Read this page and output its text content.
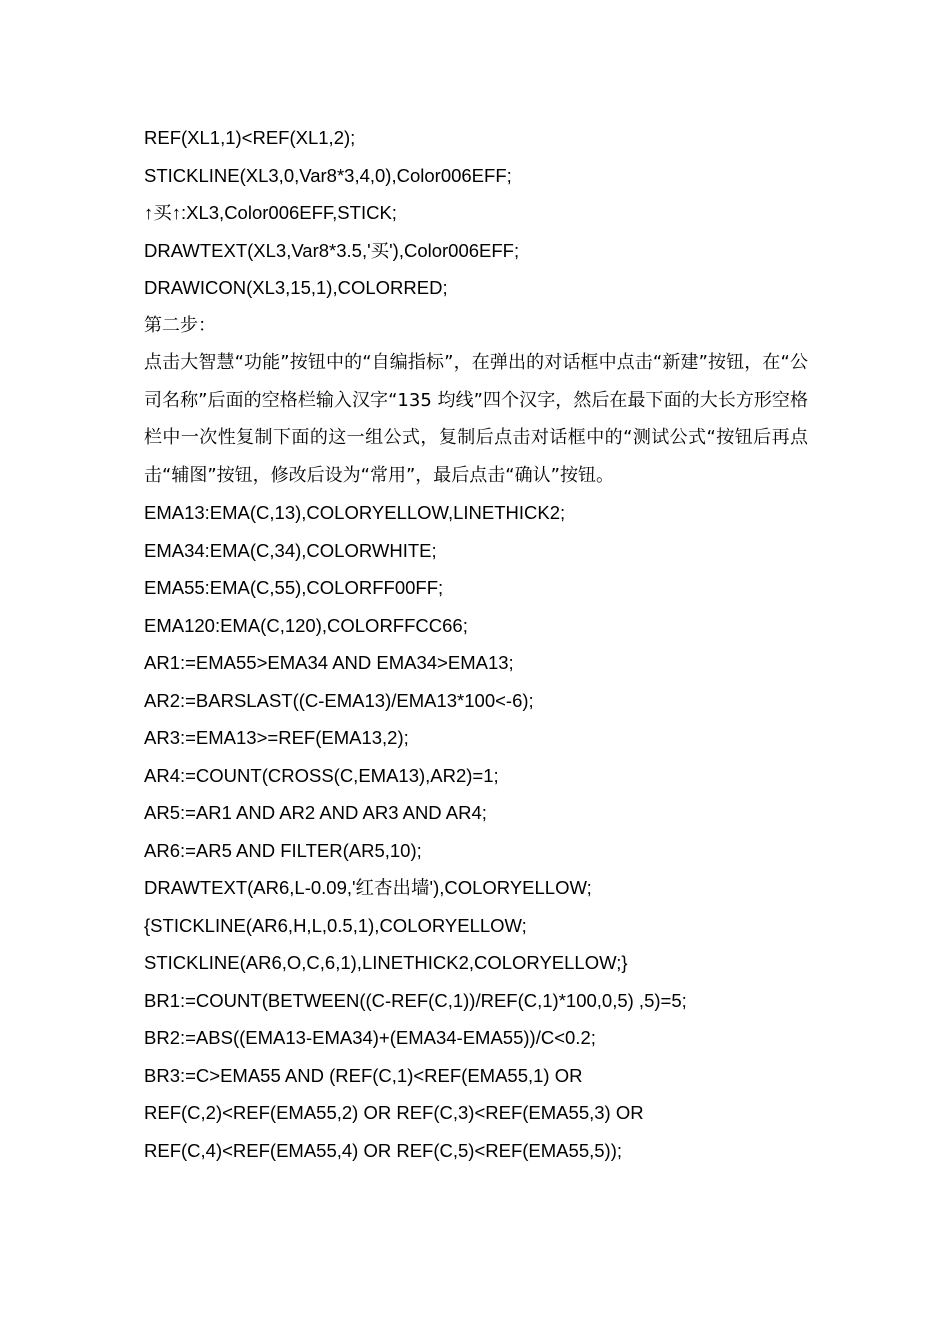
REF(XL1,1)<REF(XL1,2);
STICKLINE(XL3,0,Var8*3,4,0),Color006EFF;
↑买↑:XL3,Color006EFF,STICK;
DRAWTEXT(XL3,Var8*3.5,'买'),Color006EFF;
DRAWICON(XL3,15,1),COLORRED;
第二步：

点击大智慧“功能”按钮中的“自编指标”，在弹出的对话框中点击“新建”按钮，在“公司名称”后面的空格栏输入汉字“135 均线”四个汉字，然后在最下面的大长方形空格栏中一次性复制下面的这一组公式，复制后点击对话框中的“测试公式“按钮后再点击“辅图”按钮，修改后设为“常用”，最后点击“确认”按钮。

EMA13:EMA(C,13),COLORYELLOW,LINETHICK2;
EMA34:EMA(C,34),COLORWHITE;
EMA55:EMA(C,55),COLORFF00FF;
EMA120:EMA(C,120),COLORFFCC66;
AR1:=EMA55>EMA34 AND EMA34>EMA13;
AR2:=BARSLAST((C-EMA13)/EMA13*100<-6);
AR3:=EMA13>=REF(EMA13,2);
AR4:=COUNT(CROSS(C,EMA13),AR2)=1;
AR5:=AR1 AND AR2 AND AR3 AND AR4;
AR6:=AR5 AND FILTER(AR5,10);
DRAWTEXT(AR6,L-0.09,'红杏出墙'),COLORYELLOW;
{STICKLINE(AR6,H,L,0.5,1),COLORYELLOW;
STICKLINE(AR6,O,C,6,1),LINETHICK2,COLORYELLOW;}
BR1:=COUNT(BETWEEN((C-REF(C,1))/REF(C,1)*100,0,5) ,5)=5;
BR2:=ABS((EMA13-EMA34)+(EMA34-EMA55))/C<0.2;
BR3:=C>EMA55 AND (REF(C,1)<REF(EMA55,1) OR
REF(C,2)<REF(EMA55,2) OR REF(C,3)<REF(EMA55,3) OR
REF(C,4)<REF(EMA55,4) OR REF(C,5)<REF(EMA55,5));
